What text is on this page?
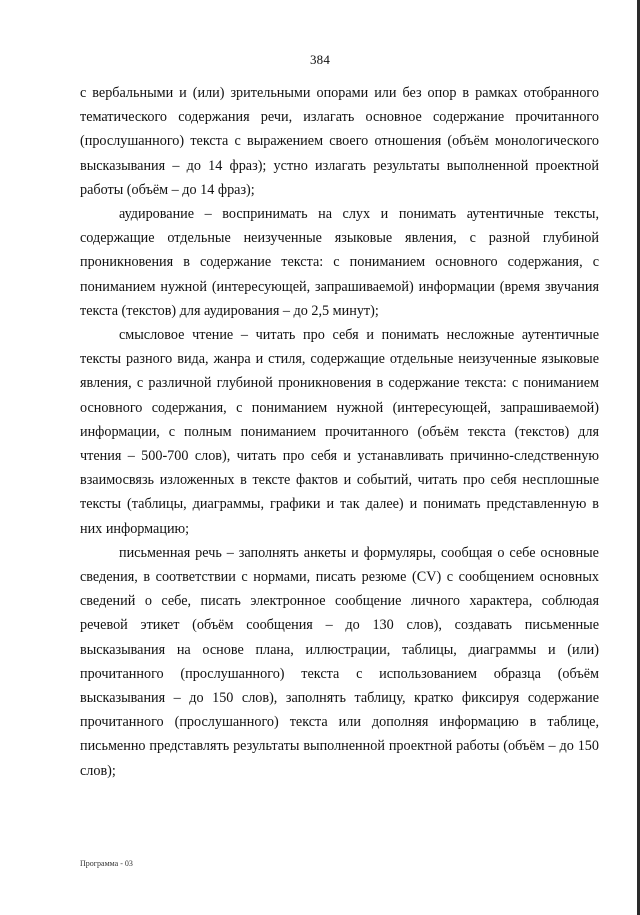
384

с вербальными и (или) зрительными опорами или без опор в рамках отобранного тематического содержания речи, излагать основное содержание прочитанного (прослушанного) текста с выражением своего отношения (объём монологического высказывания – до 14 фраз); устно излагать результаты выполненной проектной работы (объём – до 14 фраз);

аудирование – воспринимать на слух и понимать аутентичные тексты, содержащие отдельные неизученные языковые явления, с разной глубиной проникновения в содержание текста: с пониманием основного содержания, с пониманием нужной (интересующей, запрашиваемой) информации (время звучания текста (текстов) для аудирования – до 2,5 минут);

смысловое чтение – читать про себя и понимать несложные аутентичные тексты разного вида, жанра и стиля, содержащие отдельные неизученные языковые явления, с различной глубиной проникновения в содержание текста: с пониманием основного содержания, с пониманием нужной (интересующей, запрашиваемой) информации, с полным пониманием прочитанного (объём текста (текстов) для чтения – 500-700 слов), читать про себя и устанавливать причинно-следственную взаимосвязь изложенных в тексте фактов и событий, читать про себя несплошные тексты (таблицы, диаграммы, графики и так далее) и понимать представленную в них информацию;

письменная речь – заполнять анкеты и формуляры, сообщая о себе основные сведения, в соответствии с нормами, писать резюме (CV) с сообщением основных сведений о себе, писать электронное сообщение личного характера, соблюдая речевой этикет (объём сообщения – до 130 слов), создавать письменные высказывания на основе плана, иллюстрации, таблицы, диаграммы и (или) прочитанного (прослушанного) текста с использованием образца (объём высказывания – до 150 слов), заполнять таблицу, кратко фиксируя содержание прочитанного (прослушанного) текста или дополняя информацию в таблице, письменно представлять результаты выполненной проектной работы (объём – до 150 слов);

Программа - 03
